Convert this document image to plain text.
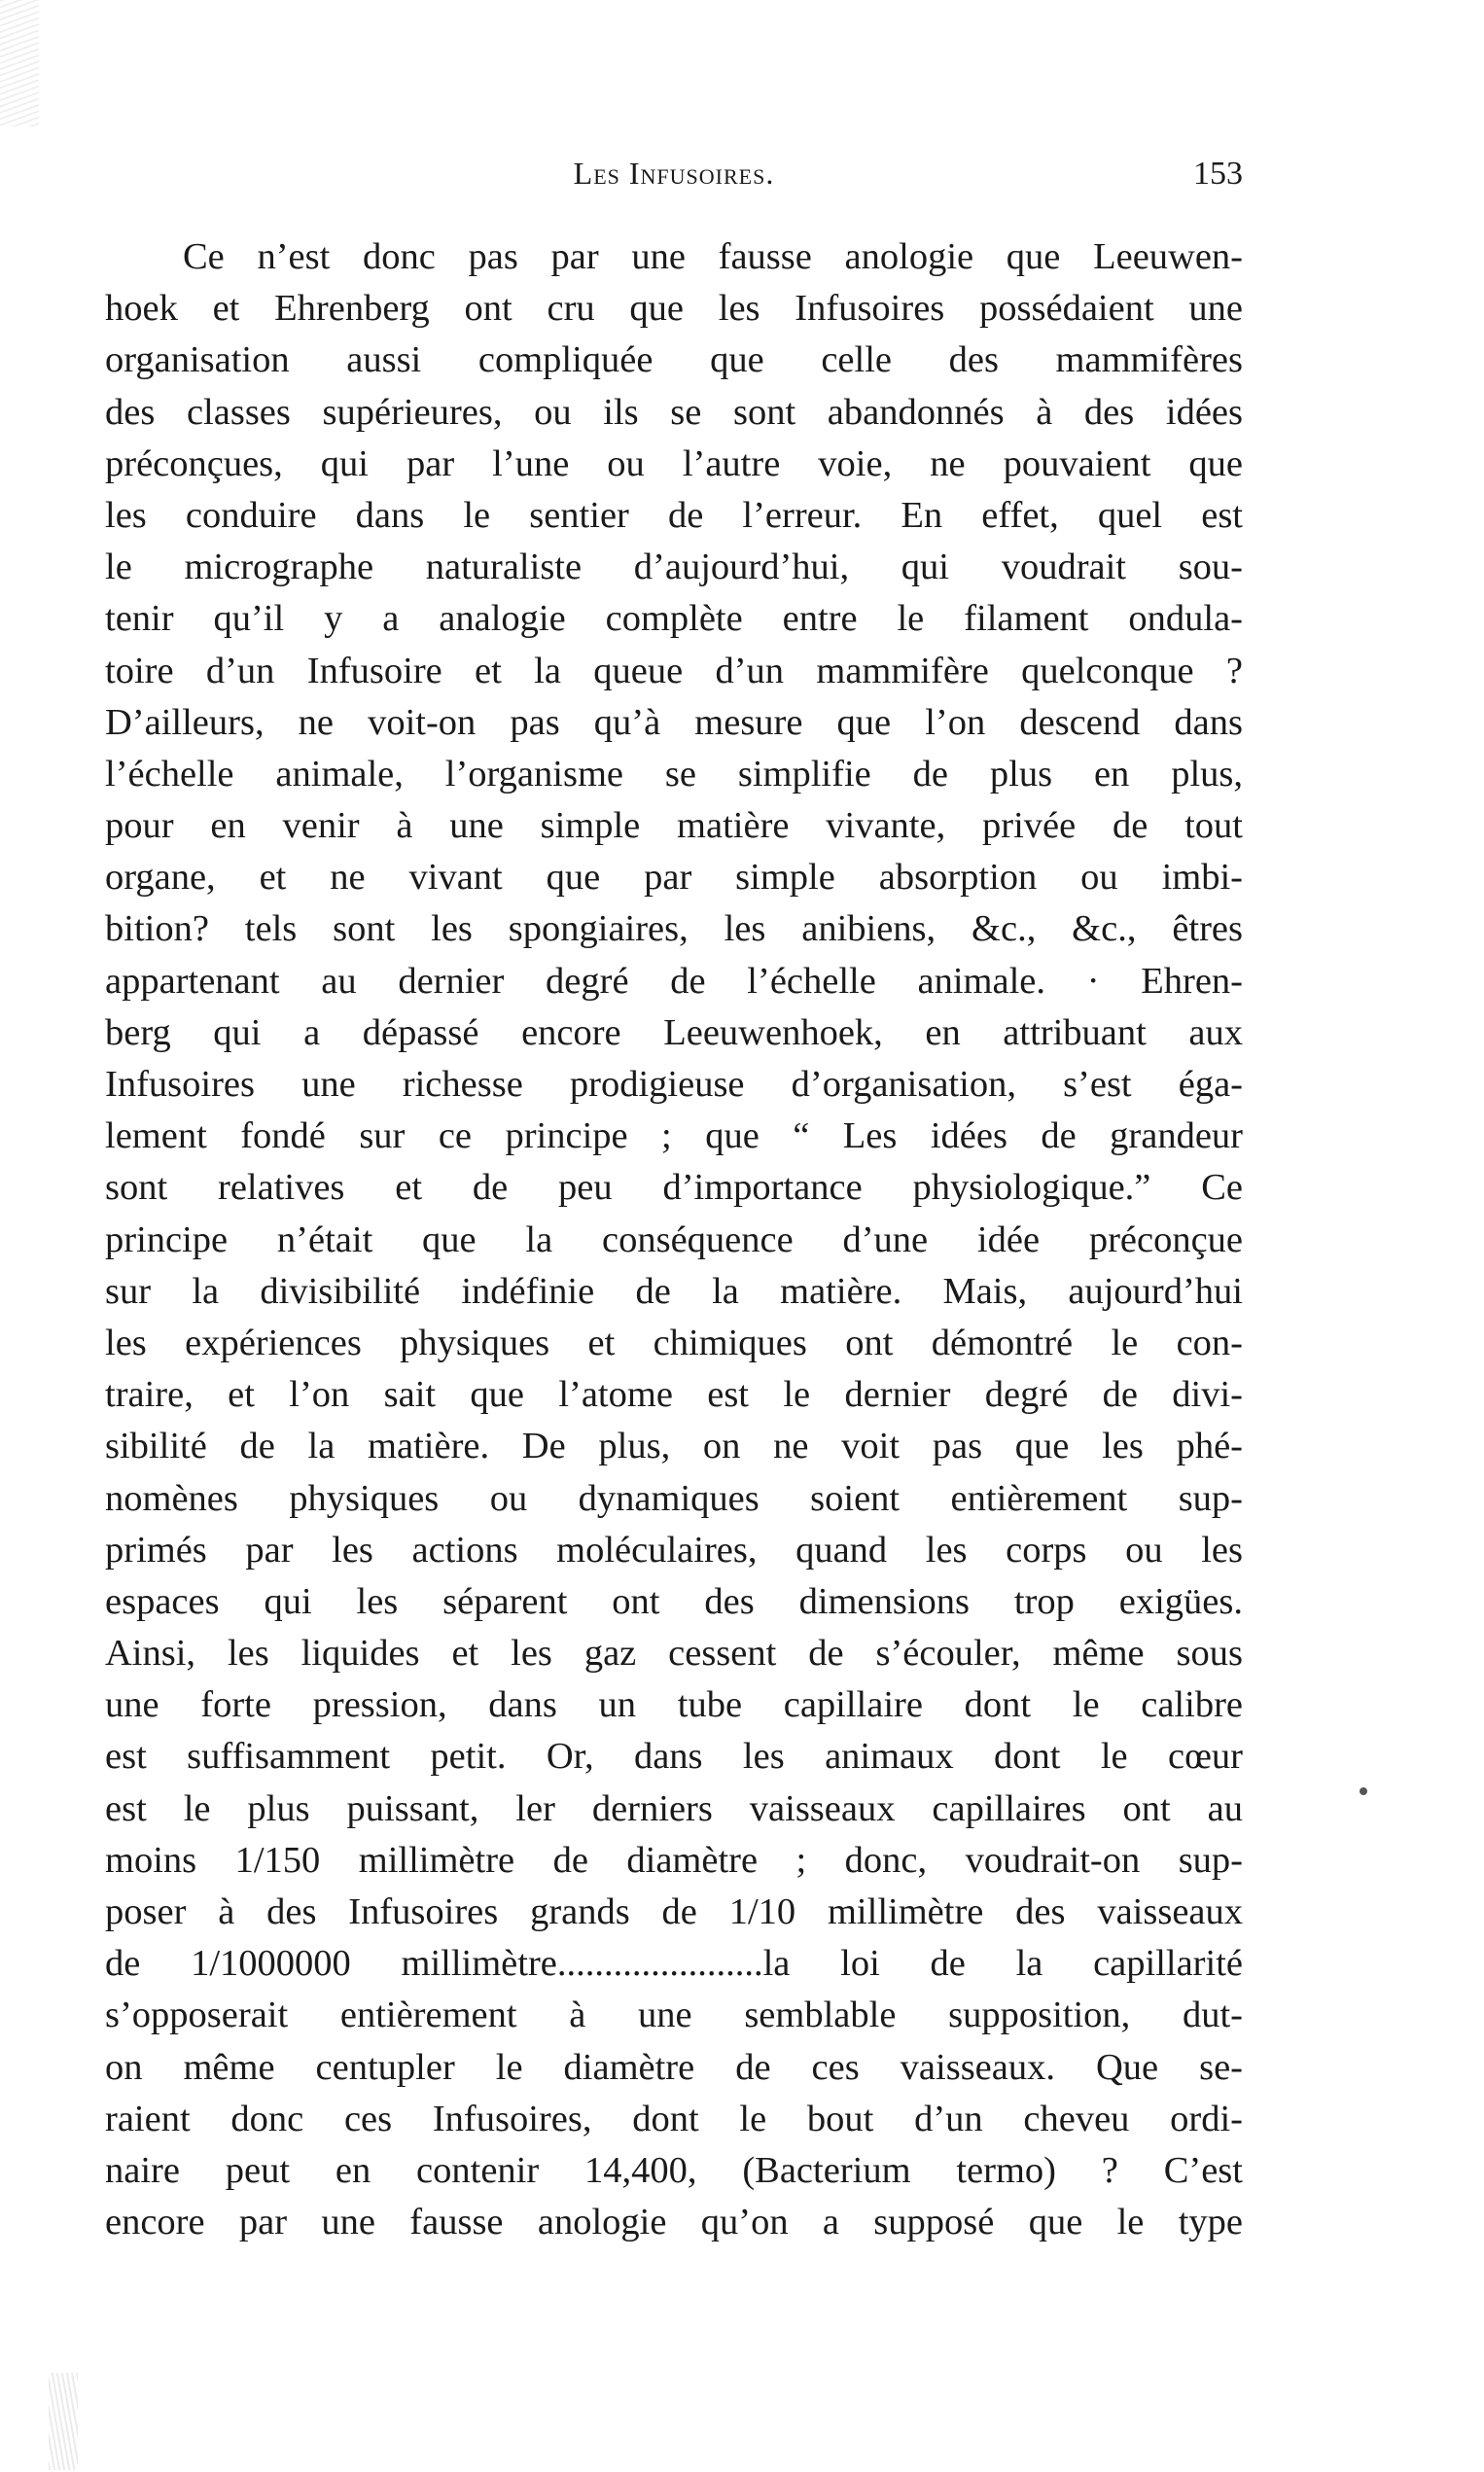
Les Infusoires.	153
Ce n’est donc pas par une fausse anologie que Leeuwen-
hoek et Ehrenberg ont cru que les Infusoires possédaient une
organisation aussi compliquée que celle des mammifères
des classes supérieures, ou ils se sont abandonnés à des idées
préconçues, qui par l’une ou l’autre voie, ne pouvaient que
les conduire dans le sentier de l’erreur. En effet, quel est
le micrographe naturaliste d’aujourd’hui, qui voudrait sou-
tenir qu’il y a analogie complète entre le filament ondula-
toire d’un Infusoire et la queue d’un mammifère quelconque ?
D’ailleurs, ne voit-on pas qu’à mesure que l’on descend dans
l’échelle animale, l’organisme se simplifie de plus en plus,
pour en venir à une simple matière vivante, privée de tout
organe, et ne vivant que par simple absorption ou imbi-
bition? tels sont les spongiaires, les anibiens, &c., &c., êtres
appartenant au dernier degré de l’échelle animale. · Ehren-
berg qui a dépassé encore Leeuwenhoek, en attribuant aux
Infusoires une richesse prodigieuse d’organisation, s’est éga-
lement fondé sur ce principe ; que “ Les idées de grandeur
sont relatives et de peu d’importance physiologique.” Ce
principe n’était que la conséquence d’une idée préconçue
sur la divisibilité indéfinie de la matière. Mais, aujourd’hui
les expériences physiques et chimiques ont démontré le con-
traire, et l’on sait que l’atome est le dernier degré de divi-
sibilité de la matière. De plus, on ne voit pas que les phé-
nomènes physiques ou dynamiques soient entièrement sup-
primés par les actions moléculaires, quand les corps ou les
espaces qui les séparent ont des dimensions trop exigües.
Ainsi, les liquides et les gaz cessent de s’écouler, même sous
une forte pression, dans un tube capillaire dont le calibre
est suffisamment petit. Or, dans les animaux dont le cœur
est le plus puissant, ler derniers vaisseaux capillaires ont au
moins 1/150 millimètre de diamètre ; donc, voudrait-on sup-
poser à des Infusoires grands de 1/10 millimètre des vaisseaux
de 1/1000000 millimètre......................la loi de la capillarité
s’opposerait entièrement à une semblable supposition, dut-
on même centupler le diamètre de ces vaisseaux. Que se-
raient donc ces Infusoires, dont le bout d’un cheveu ordi-
naire peut en contenir 14,400, (Bacterium termo) ? C’est
encore par une fausse anologie qu’on a supposé que le type
